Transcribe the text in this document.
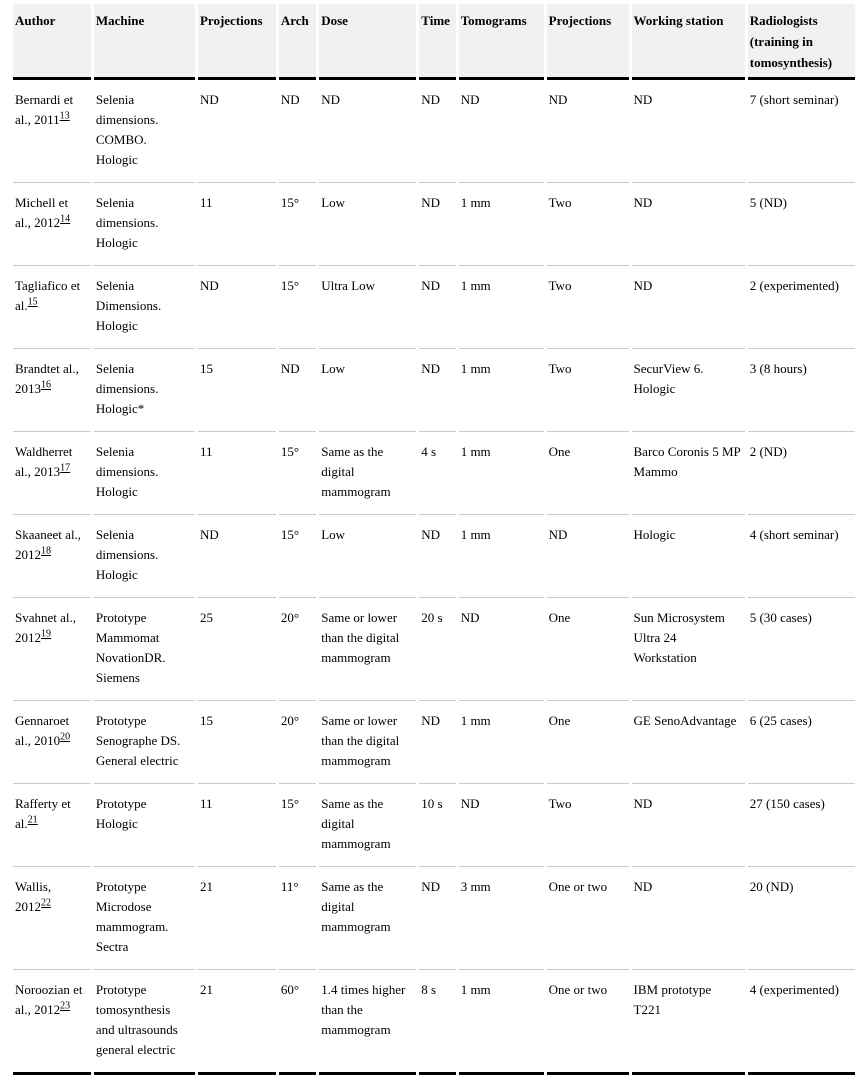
Author	Machine	Projections	Arch	Dose	Time	Tomograms	Projections	Working station	Radiologists (training in tomosynthesis)
Bernardi et al., 2011$^{13}$	Selenia dimensions. COMBO. Hologic	ND	ND	ND	ND	ND	ND	ND	7 (short seminar)
Michell et al., 2012$^{14}$	Selenia dimensions. Hologic	11	15°	Low	ND	1 mm	Two	ND	5 (ND)
Tagliafico et al.$^{15}$	Selenia Dimensions. Hologic	ND	15°	Ultra Low	ND	1 mm	Two	ND	2 (experimented)
Brandtet al., 2013$^{16}$	Selenia dimensions. Hologic*	15	ND	Low	ND	1 mm	Two	SecurView 6. Hologic	3 (8 hours)
Waldherret al., 2013$^{17}$	Selenia dimensions. Hologic	11	15°	Same as the digital mammogram	4 s	1 mm	One	Barco Coronis 5 MP Mammo	2 (ND)
Skaaneet al., 2012$^{18}$	Selenia dimensions. Hologic	ND	15°	Low	ND	1 mm	ND	Hologic	4 (short seminar)
Svahnet al., 2012$^{19}$	Prototype Mammomat NovationDR. Siemens	25	20°	Same or lower than the digital mammogram	20 s	ND	One	Sun Microsystem Ultra 24 Workstation	5 (30 cases)
Gennaroet al., 2010$^{20}$	Prototype Senographe DS. General electric	15	20°	Same or lower than the digital mammogram	ND	1 mm	One	GE SenoAdvantage	6 (25 cases)
Rafferty et al.$^{21}$	Prototype Hologic	11	15°	Same as the digital mammogram	10 s	ND	Two	ND	27 (150 cases)
Wallis, 2012$^{22}$	Prototype Microdose mammogram. Sectra	21	11°	Same as the digital mammogram	ND	3 mm	One or two	ND	20 (ND)
Noroozian et al., 2012$^{23}$	Prototype tomosynthesis and ultrasounds general electric	21	60°	1.4 times higher than the mammogram	8 s	1 mm	One or two	IBM prototype T221	4 (experimented)
